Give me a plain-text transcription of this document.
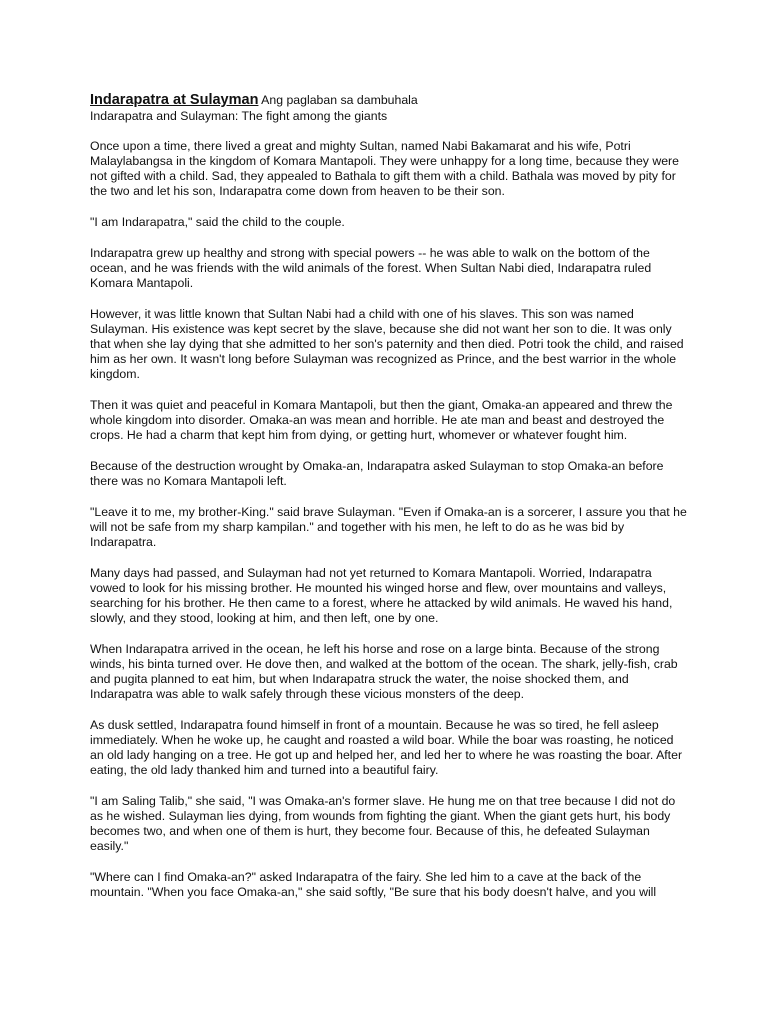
Indarapatra at Sulayman Ang paglaban sa dambuhala

Indarapatra and Sulayman: The fight among the giants

Once upon a time, there lived a great and mighty Sultan, named Nabi Bakamarat and his wife, Potri Malaylabangsa in the kingdom of Komara Mantapoli. They were unhappy for a long time, because they were not gifted with a child. Sad, they appealed to Bathala to gift them with a child. Bathala was moved by pity for the two and let his son, Indarapatra come down from heaven to be their son.

"I am Indarapatra," said the child to the couple.

Indarapatra grew up healthy and strong with special powers -- he was able to walk on the bottom of the ocean, and he was friends with the wild animals of the forest. When Sultan Nabi died, Indarapatra ruled Komara Mantapoli.

However, it was little known that Sultan Nabi had a child with one of his slaves. This son was named Sulayman. His existence was kept secret by the slave, because she did not want her son to die. It was only that when she lay dying that she admitted to her son's paternity and then died. Potri took the child, and raised him as her own. It wasn't long before Sulayman was recognized as Prince, and the best warrior in the whole kingdom.

Then it was quiet and peaceful in Komara Mantapoli, but then the giant, Omaka-an appeared and threw the whole kingdom into disorder. Omaka-an was mean and horrible. He ate man and beast and destroyed the crops. He had a charm that kept him from dying, or getting hurt, whomever or whatever fought him.

Because of the destruction wrought by Omaka-an, Indarapatra asked Sulayman to stop Omaka-an before there was no Komara Mantapoli left.

"Leave it to me, my brother-King." said brave Sulayman. "Even if Omaka-an is a sorcerer, I assure you that he will not be safe from my sharp kampilan." and together with his men, he left to do as he was bid by Indarapatra.

Many days had passed, and Sulayman had not yet returned to Komara Mantapoli. Worried, Indarapatra vowed to look for his missing brother. He mounted his winged horse and flew, over mountains and valleys, searching for his brother. He then came to a forest, where he attacked by wild animals. He waved his hand, slowly, and they stood, looking at him, and then left, one by one.

When Indarapatra arrived in the ocean, he left his horse and rose on a large binta. Because of the strong winds, his binta turned over. He dove then, and walked at the bottom of the ocean. The shark, jelly-fish, crab and pugita planned to eat him, but when Indarapatra struck the water, the noise shocked them, and Indarapatra was able to walk safely through these vicious monsters of the deep.

As dusk settled, Indarapatra found himself in front of a mountain. Because he was so tired, he fell asleep immediately. When he woke up, he caught and roasted a wild boar. While the boar was roasting, he noticed an old lady hanging on a tree. He got up and helped her, and led her to where he was roasting the boar. After eating, the old lady thanked him and turned into a beautiful fairy.

"I am Saling Talib," she said, "I was Omaka-an's former slave. He hung me on that tree because I did not do as he wished. Sulayman lies dying, from wounds from fighting the giant. When the giant gets hurt, his body becomes two, and when one of them is hurt, they become four. Because of this, he defeated Sulayman easily."

"Where can I find Omaka-an?" asked Indarapatra of the fairy. She led him to a cave at the back of the mountain. "When you face Omaka-an," she said softly, "Be sure that his body doesn't halve, and you will
